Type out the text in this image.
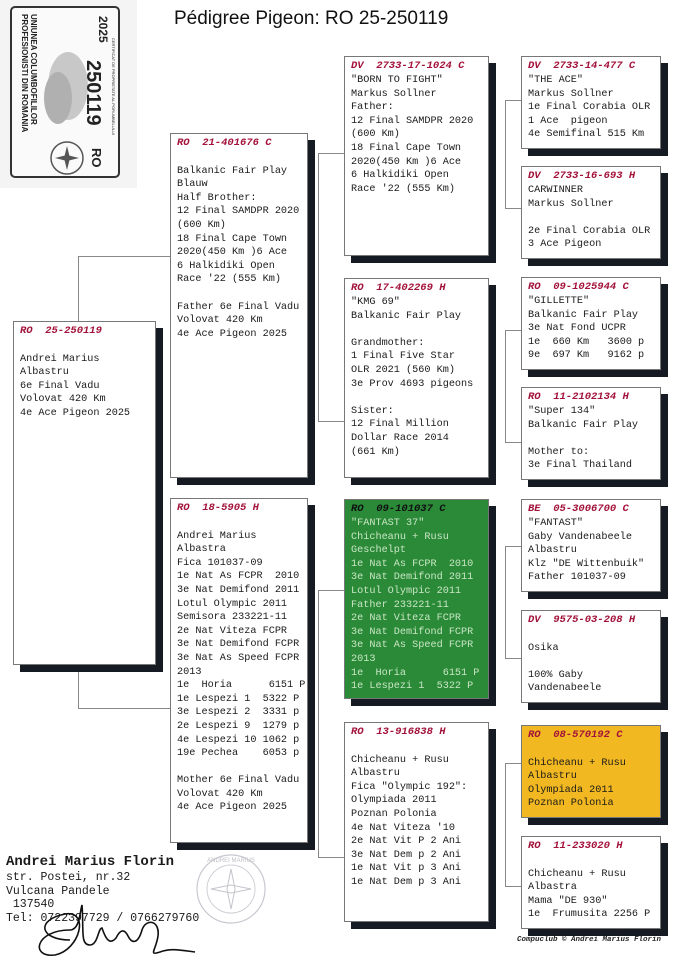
Pédigree Pigeon: RO 25-250119
UNIUNEA COLUMBOFILILOR
PROFESIONISTI DIN ROMANIA	2025
250119
RO
CERTIFICAT DE PROPRIETATE AL PORUMBELULUI
RO  25-250119
Andrei Marius
Albastru
6e Final Vadu
Volovat 420 Km
4e Ace Pigeon 2025
RO  21-401676 C
Balkanic Fair Play
Blauw
Half Brother:
12 Final SAMDPR 2020
(600 Km)
18 Final Cape Town
2020(450 Km )6 Ace
6 Halkidiki Open
Race '22 (555 Km)
Father 6e Final Vadu
Volovat 420 Km
4e Ace Pigeon 2025
RO  18-5905 H
Andrei Marius
Albastra
Fica 101037-09
1e Nat As FCPR  2010
3e Nat Demifond 2011
Lotul Olympic 2011
Semisora 233221-11
2e Nat Viteza FCPR
3e Nat Demifond FCPR
3e Nat As Speed FCPR
2013
1e  Horia      6151 P
1e Lespezi 1  5322 P
3e Lespezi 2  3331 p
2e Lespezi 9  1279 p
4e Lespezi 10 1062 p
19e Pechea    6053 p
Mother 6e Final Vadu
Volovat 420 Km
4e Ace Pigeon 2025
DV  2733-17-1024 C
"BORN TO FIGHT"
Markus Sollner
Father:
12 Final SAMDPR 2020
(600 Km)
18 Final Cape Town
2020(450 Km )6 Ace
6 Halkidiki Open
Race '22 (555 Km)
RO  17-402269 H
"KMG 69"
Balkanic Fair Play
Grandmother:
1 Final Five Star
OLR 2021 (560 Km)
3e Prov 4693 pigeons
Sister:
12 Final Million
Dollar Race 2014
(661 Km)
RO  09-101037 C
"FANTAST 37"
Chicheanu + Rusu
Geschelpt
1e Nat As FCPR  2010
3e Nat Demifond 2011
Lotul Olympic 2011
Father 233221-11
2e Nat Viteza FCPR
3e Nat Demifond FCPR
3e Nat As Speed FCPR
2013
1e  Horia      6151 P
1e Lespezi 1  5322 P
RO  13-916838 H
Chicheanu + Rusu
Albastru
Fica "Olympic 192":
Olympiada 2011
Poznan Polonia
4e Nat Viteza '10
2e Nat Vit P 2 Ani
3e Nat Dem p 2 Ani
1e Nat Vit p 3 Ani
1e Nat Dem p 3 Ani
DV  2733-14-477 C
"THE ACE"
Markus Sollner
1e Final Corabia OLR
1 Ace  pigeon
4e Semifinal 515 Km
DV  2733-16-693 H
CARWINNER
Markus Sollner
2e Final Corabia OLR
3 Ace Pigeon
RO  09-1025944 C
"GILLETTE"
Balkanic Fair Play
3e Nat Fond UCPR
1e  660 Km   3600 p
9e  697 Km   9162 p
RO  11-2102134 H
"Super 134"
Balkanic Fair Play
Mother to:
3e Final Thailand
BE  05-3006700 C
"FANTAST"
Gaby Vandenabeele
Albastru
Klz "DE Wittenbuik"
Father 101037-09
DV  9575-03-208 H
Osika
100% Gaby
Vandenabeele
RO  08-570192 C
Chicheanu + Rusu
Albastru
Olympiada 2011
Poznan Polonia
RO  11-233020 H
Chicheanu + Rusu
Albastra
Mama "DE 930"
1e  Frumusita 2256 P
Andrei Marius Florin
str. Postei, nr.32
Vulcana Pandele
137540
Tel: 0722397729 / 0766279760
ANDREI MARIUS
Compuclub © Andrei Marius Florin
